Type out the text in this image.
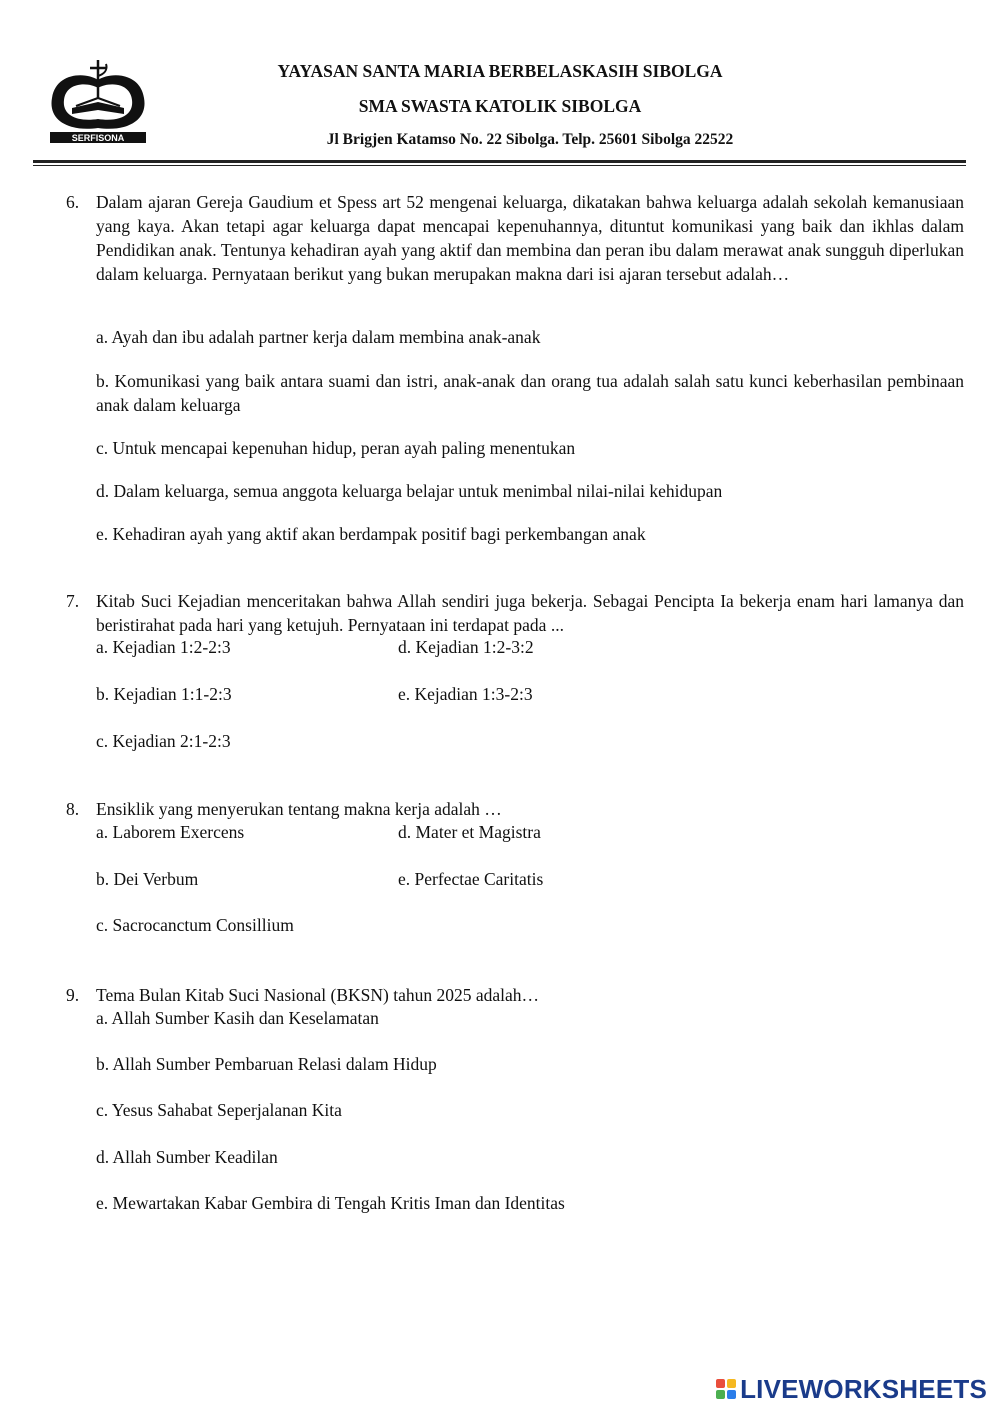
SERFISONA
YAYASAN SANTA MARIA BERBELASKASIH SIBOLGA
SMA SWASTA KATOLIK SIBOLGA
Jl Brigjen Katamso No. 22 Sibolga. Telp. 25601 Sibolga 22522
6. Dalam ajaran Gereja Gaudium et Spess art 52 mengenai keluarga, dikatakan bahwa keluarga adalah sekolah kemanusiaan yang kaya. Akan tetapi agar keluarga dapat mencapai kepenuhannya, dituntut komunikasi yang baik dan ikhlas dalam Pendidikan anak. Tentunya kehadiran ayah yang aktif dan membina dan peran ibu dalam merawat anak sungguh diperlukan dalam keluarga. Pernyataan berikut yang bukan merupakan makna dari isi ajaran tersebut adalah…
a. Ayah dan ibu adalah partner kerja dalam membina anak-anak
b. Komunikasi yang baik antara suami dan istri, anak-anak dan orang tua adalah salah satu kunci keberhasilan pembinaan anak dalam keluarga
c. Untuk mencapai kepenuhan hidup, peran ayah paling menentukan
d. Dalam keluarga, semua anggota keluarga belajar untuk menimbal nilai-nilai kehidupan
e. Kehadiran ayah yang aktif akan berdampak positif bagi perkembangan anak
7. Kitab Suci Kejadian menceritakan bahwa Allah sendiri juga bekerja. Sebagai Pencipta Ia bekerja enam hari lamanya dan beristirahat pada hari yang ketujuh. Pernyataan ini terdapat pada ...
a. Kejadian 1:2-2:3	d. Kejadian 1:2-3:2
b. Kejadian 1:1-2:3	e. Kejadian 1:3-2:3
c. Kejadian 2:1-2:3
8. Ensiklik yang menyerukan tentang makna kerja adalah …
a. Laborem Exercens	d. Mater et Magistra
b. Dei Verbum	e. Perfectae Caritatis
c. Sacrocanctum Consillium
9. Tema Bulan Kitab Suci Nasional (BKSN) tahun 2025 adalah…
a. Allah Sumber Kasih dan Keselamatan
b. Allah Sumber Pembaruan Relasi dalam Hidup
c. Yesus Sahabat Seperjalanan Kita
d. Allah Sumber Keadilan
e. Mewartakan Kabar Gembira di Tengah Kritis Iman dan Identitas
LIVEWORKSHEETS
